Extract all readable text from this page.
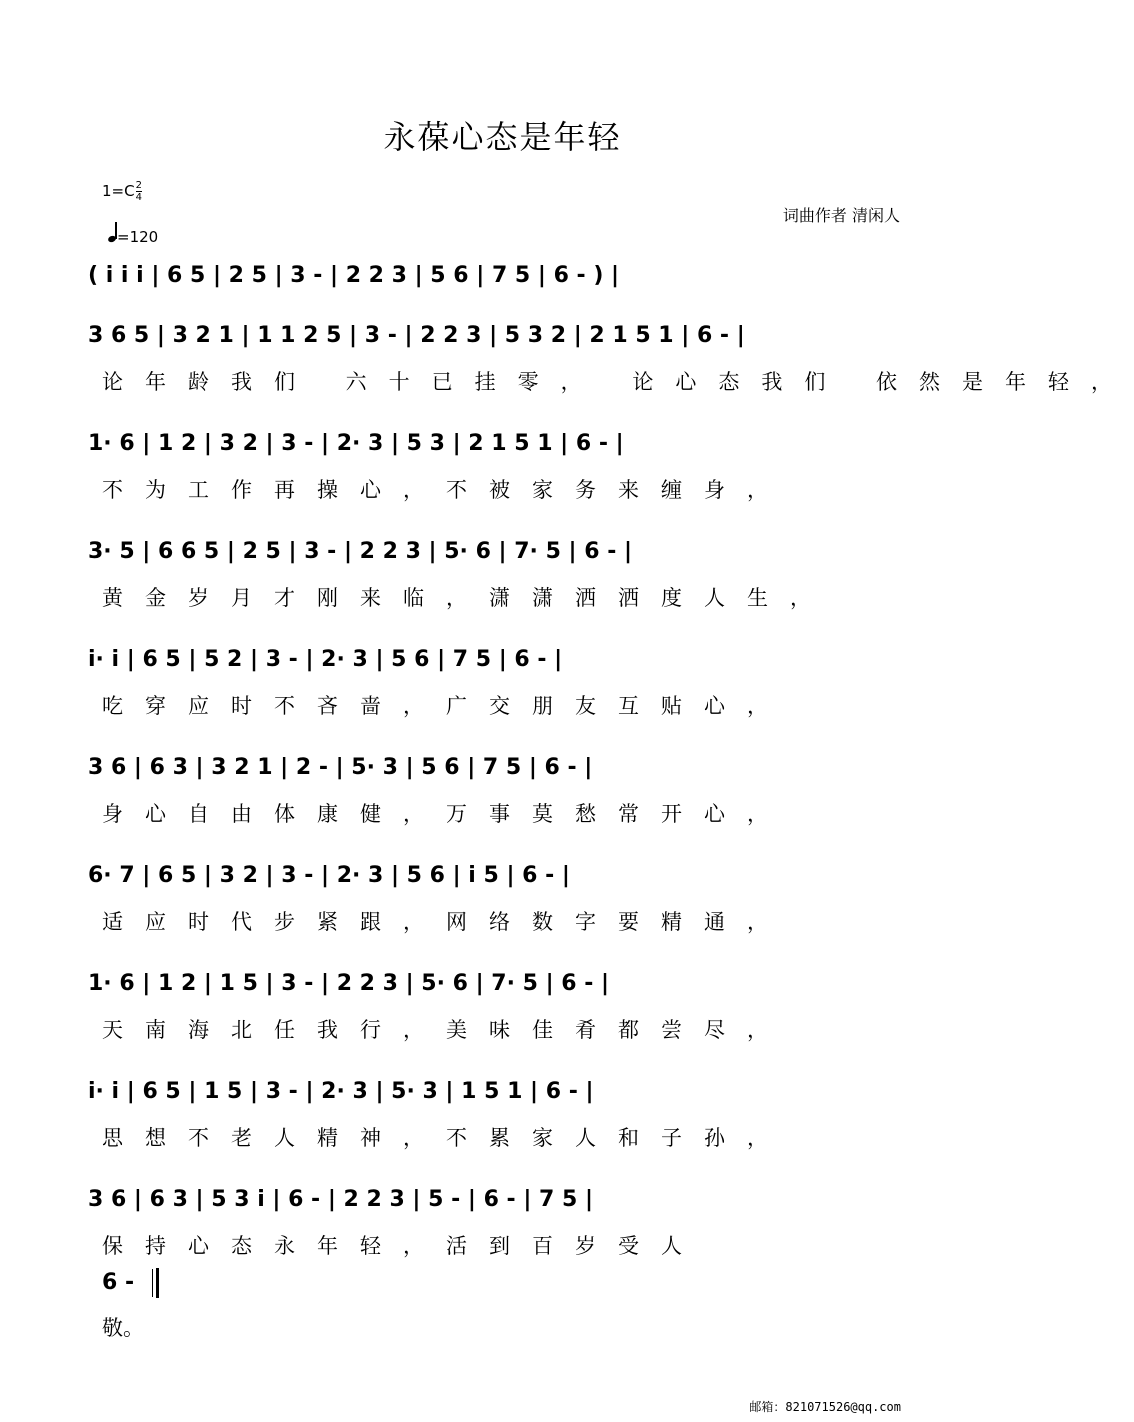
永葆心态是年轻
$1=C \frac{2}{4}$
=120
词曲作者 清闲人
( i i i | 6 5 | 2 5 | 3 - | 2 2 3 | 5 6 | 7 5 | 6 - ) |
3 6 5 | 3 2 1 | 1 1 2 5 | 3 - | 2 2 3 | 5 3 2 | 2 1 5 1 | 6 - |
论年龄我们 六十已挂零， 论心态我们 依然是年轻，
1· 6 | 1 2 | 3 2 | 3 - | 2· 3 | 5 3 | 2 1 5 1 | 6 - |
不为工作再操心，不被家务来缠身，
3· 5 | 6 6 5 | 2 5 | 3 - | 2 2 3 | 5· 6 | 7· 5 | 6 - |
黄金岁月才刚来临，潇潇洒洒度人生，
i· i | 6 5 | 5 2 | 3 - | 2· 3 | 5 6 | 7 5 | 6 - |
吃穿应时不吝啬，广交朋友互贴心，
3 6 | 6 3 | 3 2 1 | 2 - | 5· 3 | 5 6 | 7 5 | 6 - |
身心自由体康健，万事莫愁常开心，
6· 7 | 6 5 | 3 2 | 3 - | 2· 3 | 5 6 | i 5 | 6 - |
适应时代步紧跟，网络数字要精通，
1· 6 | 1 2 | 1 5 | 3 - | 2 2 3 | 5· 6 | 7· 5 | 6 - |
天南海北任我行，美味佳肴都尝尽，
i· i | 6 5 | 1 5 | 3 - | 2· 3 | 5· 3 | 1 5 1 | 6 - |
思想不老人精神，不累家人和子孙，
3 6 | 6 3 | 5 3 i | 6 - | 2 2 3 | 5 - | 6 - | 7 5 |
保持心态永年轻，活到百岁受人
6 -
敬。
邮箱：821071526@qq.com
